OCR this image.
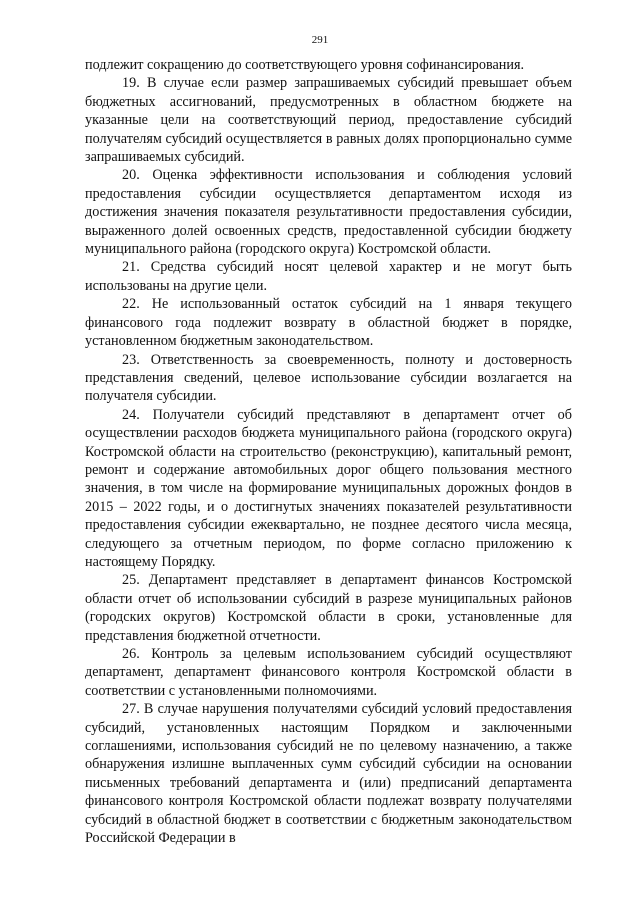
291

подлежит сокращению до соответствующего уровня софинансирования.

19. В случае если размер запрашиваемых субсидий превышает объем бюджетных ассигнований, предусмотренных в областном бюджете на указанные цели на соответствующий период, предоставление субсидий получателям субсидий осуществляется в равных долях пропорционально сумме запрашиваемых субсидий.

20. Оценка эффективности использования и соблюдения условий предоставления субсидии осуществляется департаментом исходя из достижения значения показателя результативности предоставления субсидии, выраженного долей освоенных средств, предоставленной субсидии бюджету муниципального района (городского округа) Костромской области.

21. Средства субсидий носят целевой характер и не могут быть использованы на другие цели.

22. Не использованный остаток субсидий на 1 января текущего финансового года подлежит возврату в областной бюджет в порядке, установленном бюджетным законодательством.

23. Ответственность за своевременность, полноту и достоверность представления сведений, целевое использование субсидии возлагается на получателя субсидии.

24. Получатели субсидий представляют в департамент отчет об осуществлении расходов бюджета муниципального района (городского округа) Костромской области на строительство (реконструкцию), капитальный ремонт, ремонт и содержание автомобильных дорог общего пользования местного значения, в том числе на формирование муниципальных дорожных фондов в 2015 – 2022 годы, и о достигнутых значениях показателей результативности предоставления субсидии ежеквартально, не позднее десятого числа месяца, следующего за отчетным периодом, по форме согласно приложению к настоящему Порядку.

25. Департамент представляет в департамент финансов Костромской области отчет об использовании субсидий в разрезе муниципальных районов (городских округов) Костромской области в сроки, установленные для представления бюджетной отчетности.

26. Контроль за целевым использованием субсидий осуществляют департамент, департамент финансового контроля Костромской области в соответствии с установленными полномочиями.

27. В случае нарушения получателями субсидий условий предоставления субсидий, установленных настоящим Порядком и заключенными соглашениями, использования субсидий не по целевому назначению, а также обнаружения излишне выплаченных сумм субсидий субсидии на основании письменных требований департамента и (или) предписаний департамента финансового контроля Костромской области подлежат возврату получателями субсидий в областной бюджет в соответствии с бюджетным законодательством Российской Федерации в
